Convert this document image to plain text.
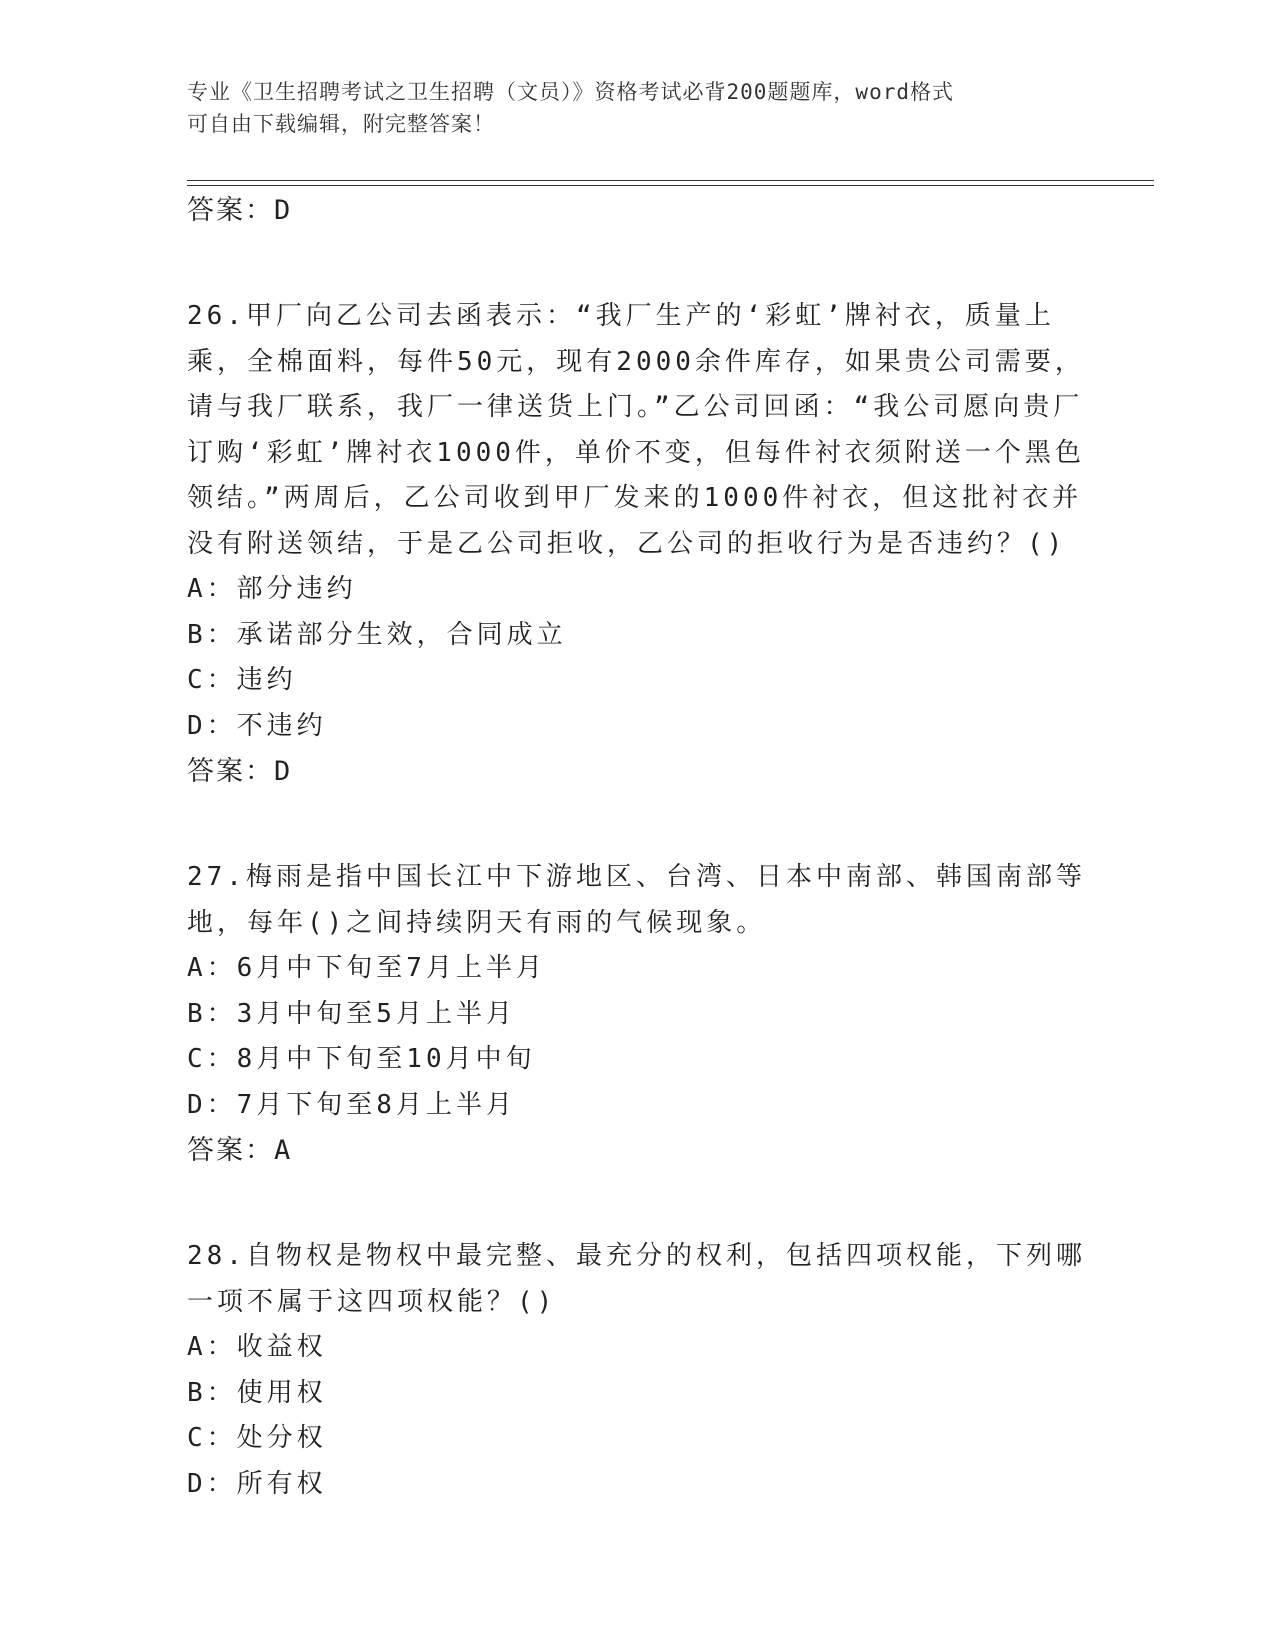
专业《卫生招聘考试之卫生招聘（文员）》资格考试必背200题题库，word格式
可自由下载编辑，附完整答案！
答案：D
26.甲厂向乙公司去函表示：“我厂生产的‘彩虹’牌衬衣，质量上乘，全棉面料，每件50元，现有2000余件库存，如果贵公司需要，请与我厂联系，我厂一律送货上门。”乙公司回函：“我公司愿向贵厂订购‘彩虹’牌衬衣1000件，单价不变，但每件衬衣须附送一个黑色领结。”两周后，乙公司收到甲厂发来的1000件衬衣，但这批衬衣并没有附送领结，于是乙公司拒收，乙公司的拒收行为是否违约？()
A：部分违约
B：承诺部分生效，合同成立
C：违约
D：不违约
答案：D
27.梅雨是指中国长江中下游地区、台湾、日本中南部、韩国南部等地，每年()之间持续阴天有雨的气候现象。
A：6月中下旬至7月上半月
B：3月中旬至5月上半月
C：8月中下旬至10月中旬
D：7月下旬至8月上半月
答案：A
28.自物权是物权中最完整、最充分的权利，包括四项权能，下列哪一项不属于这四项权能？()
A：收益权
B：使用权
C：处分权
D：所有权
